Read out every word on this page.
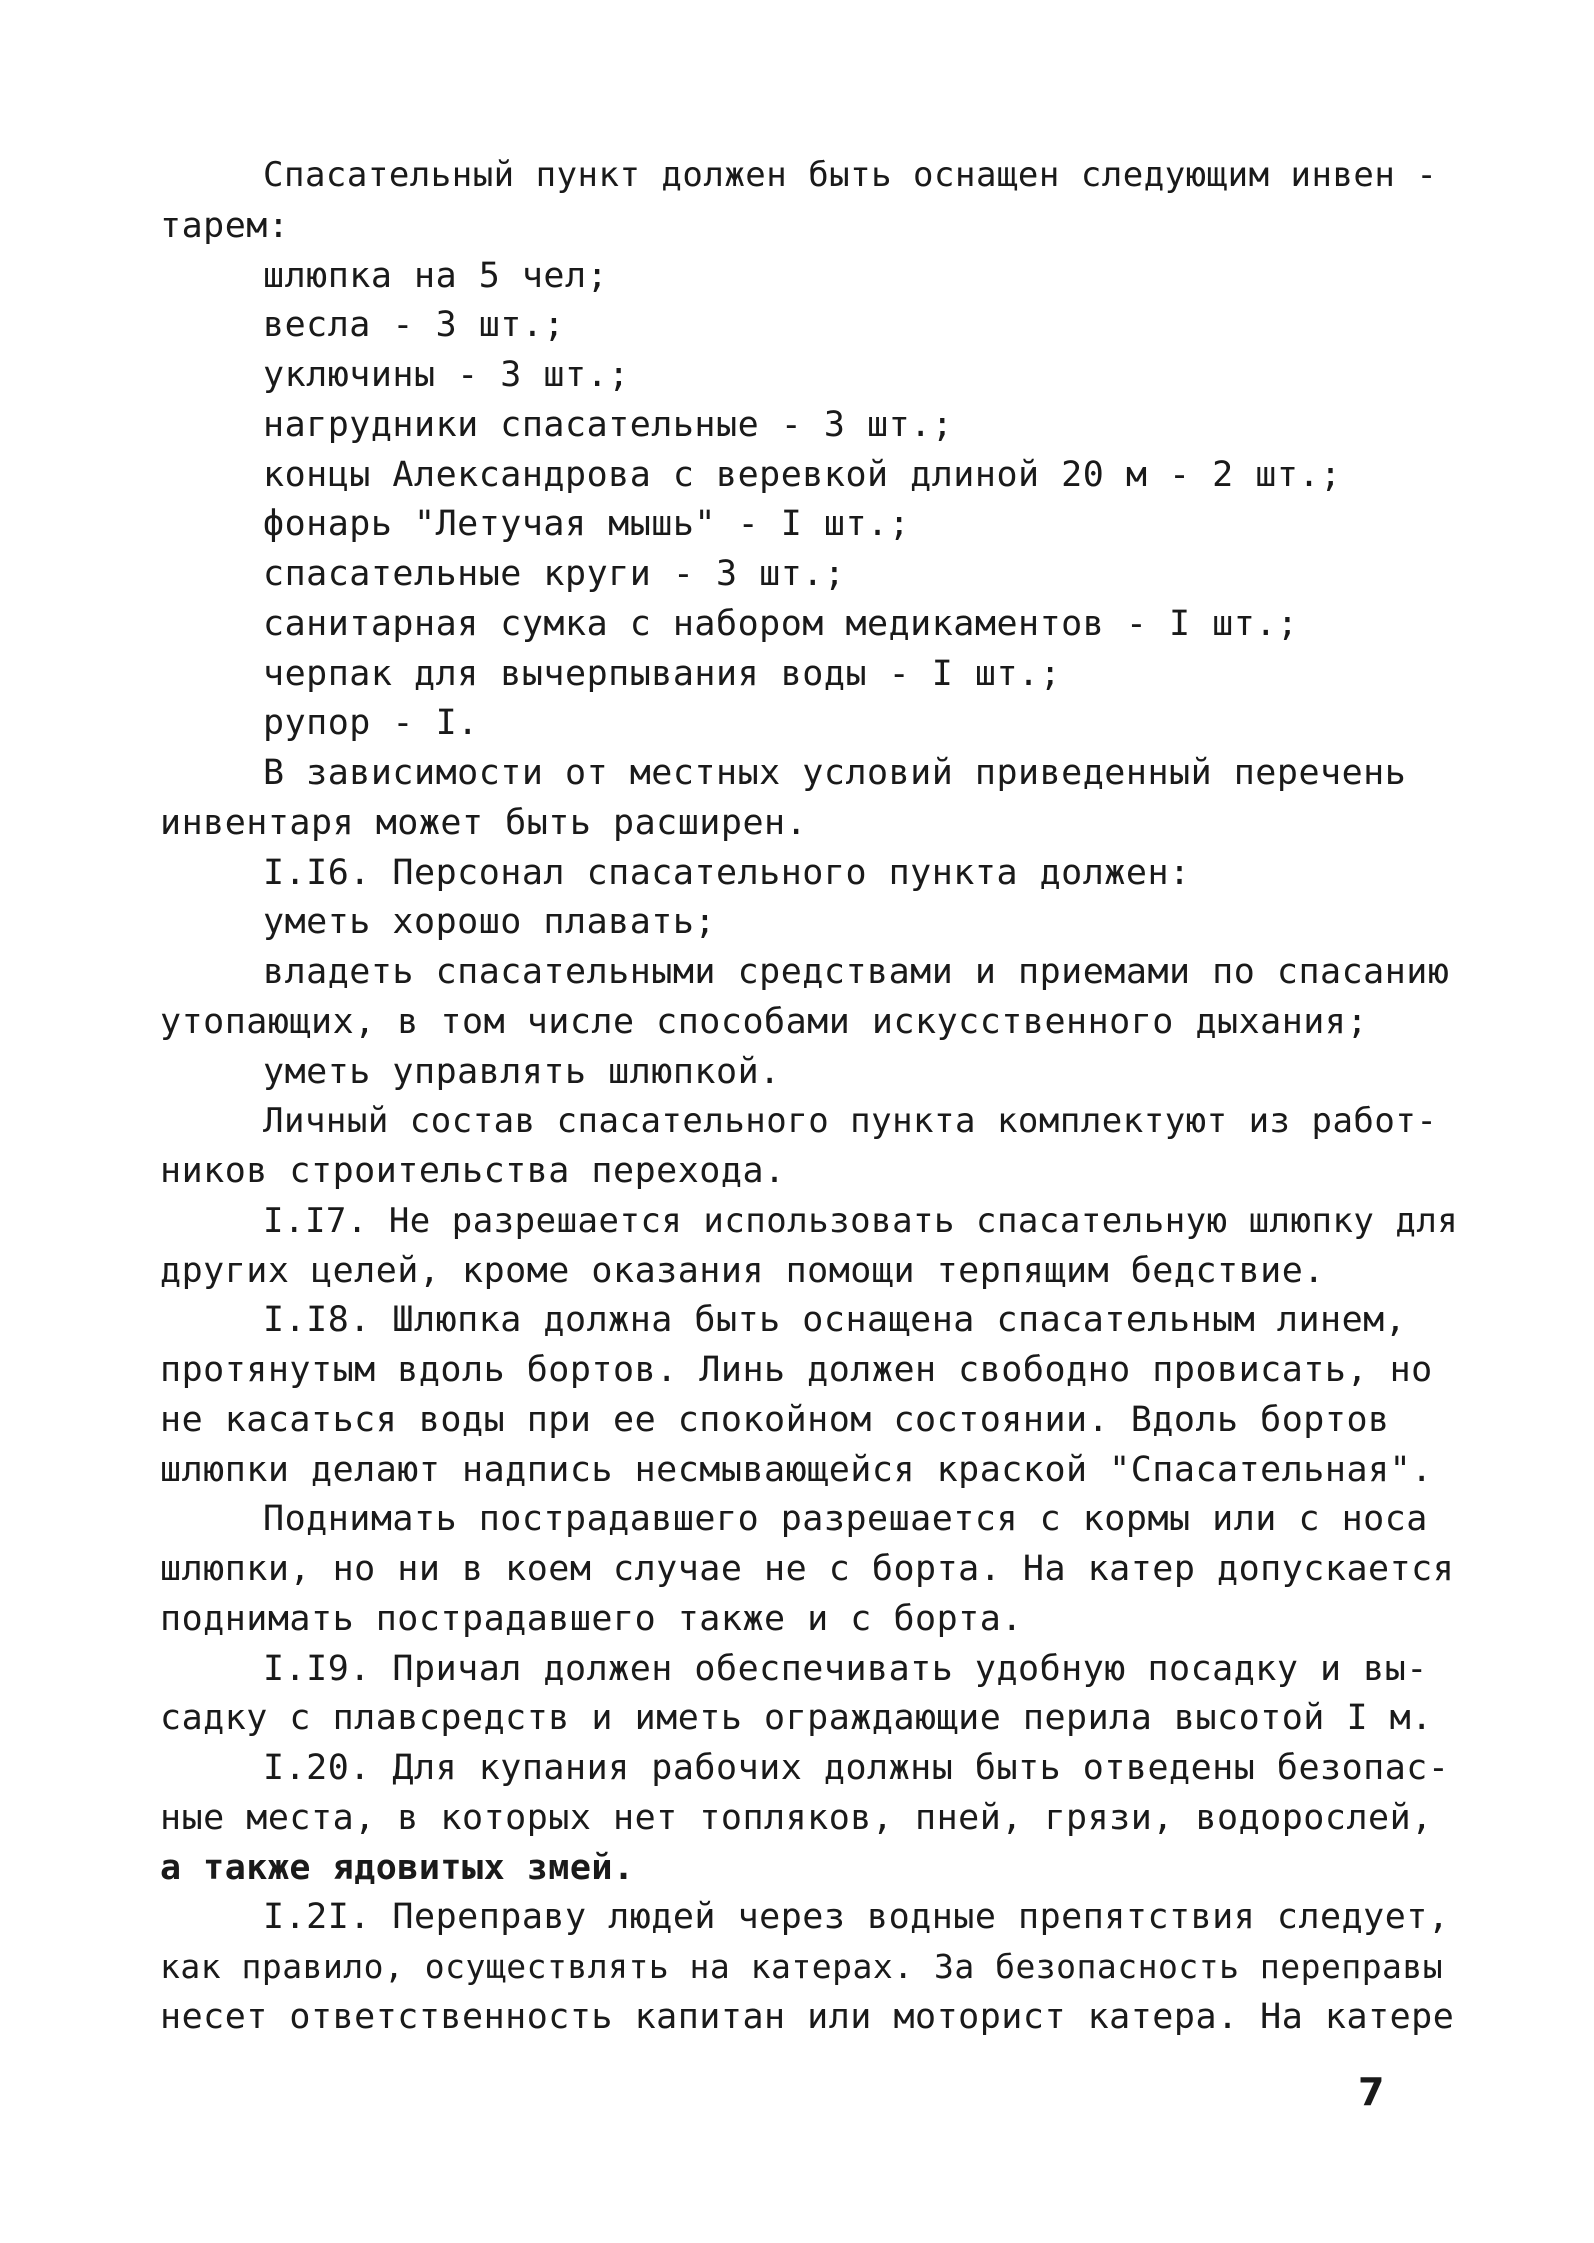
Спасательный пункт должен быть оснащен следующим инвен -
тарем:
шлюпка на 5 чел;
весла - 3 шт.;
уключины - 3 шт.;
нагрудники спасательные - 3 шт.;
концы Александрова с веревкой длиной 20 м - 2 шт.;
фонарь "Летучая мышь" - I шт.;
спасательные круги - 3 шт.;
санитарная сумка с набором медикаментов - I шт.;
черпак для вычерпывания воды - I шт.;
рупор - I.
В зависимости от местных условий приведенный перечень
инвентаря может быть расширен.
I.I6. Персонал спасательного пункта должен:
уметь хорошо плавать;
владеть спасательными средствами и приемами по спасанию
утопающих, в том числе способами искусственного дыхания;
уметь управлять шлюпкой.
Личный состав спасательного пункта комплектуют из работ-
ников строительства перехода.
I.I7. Не разрешается использовать спасательную шлюпку для
других целей, кроме оказания помощи терпящим бедствие.
I.I8. Шлюпка должна быть оснащена спасательным линем,
протянутым вдоль бортов. Линь должен свободно провисать, но
не касаться воды при ее спокойном состоянии. Вдоль бортов
шлюпки делают надпись несмывающейся краской "Спасательная".
Поднимать пострадавшего разрешается с кормы или с носа
шлюпки, но ни в коем случае не с борта. На катер допускается
поднимать пострадавшего также и с борта.
I.I9. Причал должен обеспечивать удобную посадку и вы-
садку с плавсредств и иметь ограждающие перила высотой I м.
I.20. Для купания рабочих должны быть отведены безопас-
ные места, в которых нет топляков, пней, грязи, водорослей,
а также ядовитых змей.
I.2I. Переправу людей через водные препятствия следует,
как правило, осуществлять на катерах. За безопасность переправы
несет ответственность капитан или моторист катера. На катере
7
